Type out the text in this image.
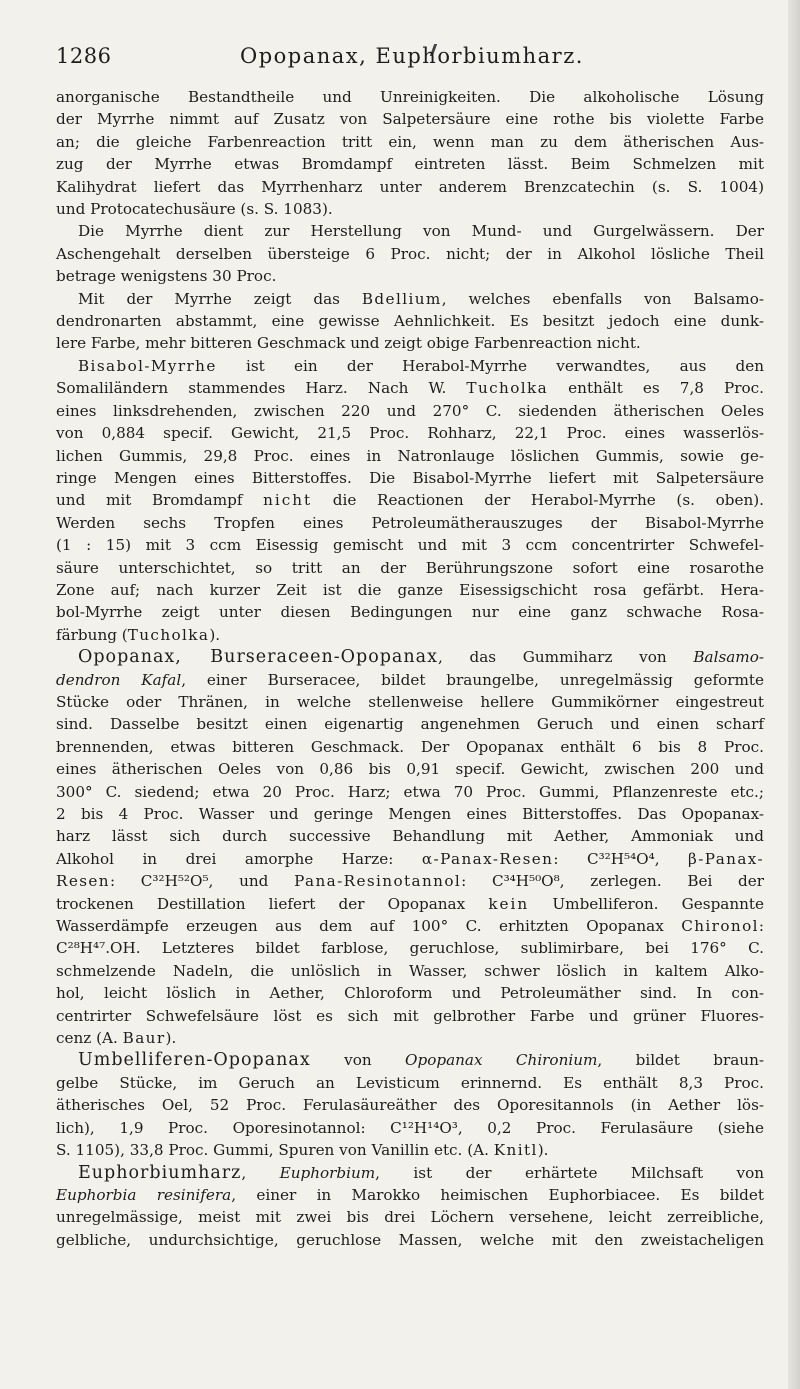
1286	Opopanax, Euphorbiumharz.
anorganische Bestandtheile und Unreinigkeiten. Die alkoholische Lösung
der Myrrhe nimmt auf Zusatz von Salpetersäure eine rothe bis violette Farbe
an; die gleiche Farbenreaction tritt ein, wenn man zu dem ätherischen Aus-
zug der Myrrhe etwas Bromdampf eintreten lässt. Beim Schmelzen mit
Kalihydrat liefert das Myrrhenharz unter anderem Brenzcatechin (s. S. 1004)
und Protocatechusäure (s. S. 1083).
Die Myrrhe dient zur Herstellung von Mund- und Gurgelwässern. Der
Aschengehalt derselben übersteige 6 Proc. nicht; der in Alkohol lösliche Theil
betrage wenigstens 30 Proc.
Mit der Myrrhe zeigt das Bdellium, welches ebenfalls von Balsamo-
dendronarten abstammt, eine gewisse Aehnlichkeit. Es besitzt jedoch eine dunk-
lere Farbe, mehr bitteren Geschmack und zeigt obige Farbenreaction nicht.
Bisabol-Myrrhe ist ein der Herabol-Myrrhe verwandtes, aus den
Somaliländern stammendes Harz. Nach W. Tucholka enthält es 7,8 Proc.
eines linksdrehenden, zwischen 220 und 270° C. siedenden ätherischen Oeles
von 0,884 specif. Gewicht, 21,5 Proc. Rohharz, 22,1 Proc. eines wasserlös-
lichen Gummis, 29,8 Proc. eines in Natronlauge löslichen Gummis, sowie ge-
ringe Mengen eines Bitterstoffes. Die Bisabol-Myrrhe liefert mit Salpetersäure
und mit Bromdampf nicht die Reactionen der Herabol-Myrrhe (s. oben).
Werden sechs Tropfen eines Petroleumätherauszuges der Bisabol-Myrrhe
(1 : 15) mit 3 ccm Eisessig gemischt und mit 3 ccm concentrirter Schwefel-
säure unterschichtet, so tritt an der Berührungszone sofort eine rosarothe
Zone auf; nach kurzer Zeit ist die ganze Eisessigschicht rosa gefärbt. Hera-
bol-Myrrhe zeigt unter diesen Bedingungen nur eine ganz schwache Rosa-
färbung (Tucholka).
Opopanax, Burseraceen-Opopanax, das Gummiharz von Balsamo-
dendron Kafal, einer Burseracee, bildet braungelbe, unregelmässig geformte
Stücke oder Thränen, in welche stellenweise hellere Gummikörner eingestreut
sind. Dasselbe besitzt einen eigenartig angenehmen Geruch und einen scharf
brennenden, etwas bitteren Geschmack. Der Opopanax enthält 6 bis 8 Proc.
eines ätherischen Oeles von 0,86 bis 0,91 specif. Gewicht, zwischen 200 und
300° C. siedend; etwa 20 Proc. Harz; etwa 70 Proc. Gummi, Pflanzenreste etc.;
2 bis 4 Proc. Wasser und geringe Mengen eines Bitterstoffes. Das Opopanax-
harz lässt sich durch successive Behandlung mit Aether, Ammoniak und
Alkohol in drei amorphe Harze: α-Panax-Resen: C³²H⁵⁴O⁴, β-Panax-
Resen: C³²H⁵²O⁵, und Pana-Resinotannol: C³⁴H⁵⁰O⁸, zerlegen. Bei der
trockenen Destillation liefert der Opopanax kein Umbelliferon. Gespannte
Wasserdämpfe erzeugen aus dem auf 100° C. erhitzten Opopanax Chironol:
C²⁸H⁴⁷.OH. Letzteres bildet farblose, geruchlose, sublimirbare, bei 176° C.
schmelzende Nadeln, die unlöslich in Wasser, schwer löslich in kaltem Alko-
hol, leicht löslich in Aether, Chloroform und Petroleumäther sind. In con-
centrirter Schwefelsäure löst es sich mit gelbrother Farbe und grüner Fluores-
cenz (A. Baur).
Umbelliferen-Opopanax von Opopanax Chironium, bildet braun-
gelbe Stücke, im Geruch an Levisticum erinnernd. Es enthält 8,3 Proc.
ätherisches Oel, 52 Proc. Ferulasäureäther des Oporesitannols (in Aether lös-
lich), 1,9 Proc. Oporesinotannol: C¹²H¹⁴O³, 0,2 Proc. Ferulasäure (siehe
S. 1105), 33,8 Proc. Gummi, Spuren von Vanillin etc. (A. Knitl).
Euphorbiumharz, Euphorbium, ist der erhärtete Milchsaft von
Euphorbia resinifera, einer in Marokko heimischen Euphorbiacee. Es bildet
unregelmässige, meist mit zwei bis drei Löchern versehene, leicht zerreibliche,
gelbliche, undurchsichtige, geruchlose Massen, welche mit den zweistacheligen
